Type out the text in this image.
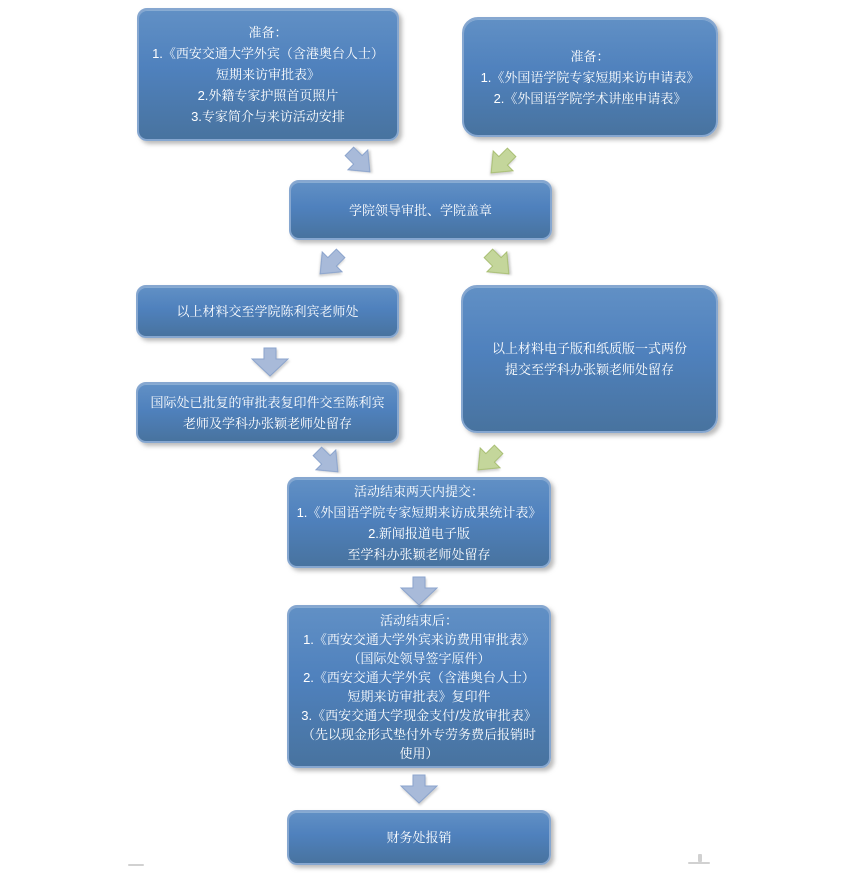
准备：
1.《西安交通大学外宾（含港奥台人士）
短期来访审批表》
2.外籍专家护照首页照片
3.专家简介与来访活动安排
准备：
1.《外国语学院专家短期来访申请表》
2.《外国语学院学术讲座申请表》
学院领导审批、学院盖章
以上材料交至学院陈利宾老师处
以上材料电子版和纸质版一式两份
提交至学科办张颖老师处留存
国际处已批复的审批表复印件交至陈利宾
老师及学科办张颖老师处留存
活动结束两天内提交：
1.《外国语学院专家短期来访成果统计表》
2.新闻报道电子版
至学科办张颖老师处留存
活动结束后：
1.《西安交通大学外宾来访费用审批表》
（国际处领导签字原件）
2.《西安交通大学外宾（含港奥台人士）
短期来访审批表》复印件
3.《西安交通大学现金支付/发放审批表》
（先以现金形式垫付外专劳务费后报销时
使用）
财务处报销
